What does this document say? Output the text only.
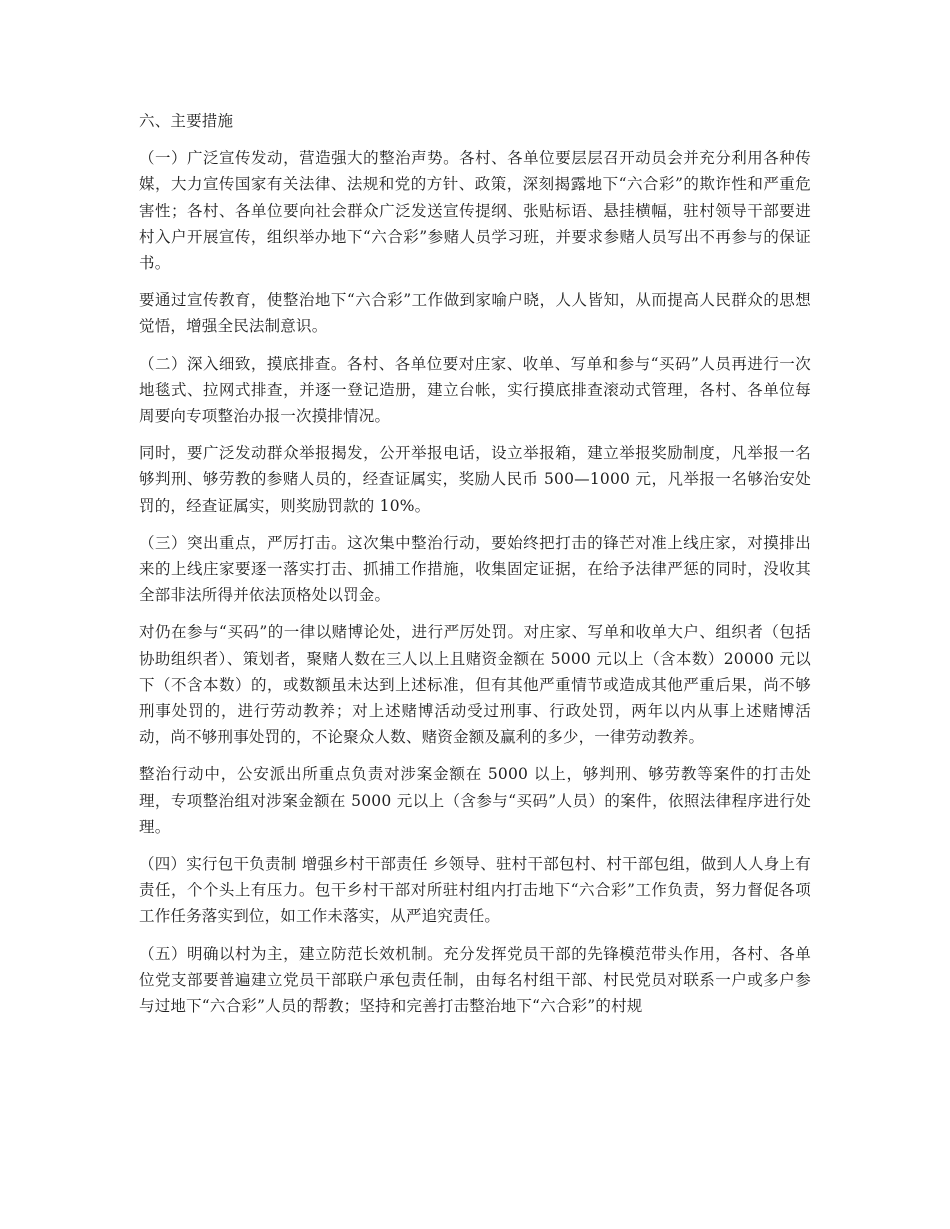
六、主要措施

（一）广泛宣传发动，营造强大的整治声势。各村、各单位要层层召开动员会并充分利用各种传媒，大力宣传国家有关法律、法规和党的方针、政策，深刻揭露地下“六合彩”的欺诈性和严重危害性；各村、各单位要向社会群众广泛发送宣传提纲、张贴标语、悬挂横幅，驻村领导干部要进村入户开展宣传，组织举办地下“六合彩”参赌人员学习班，并要求参赌人员写出不再参与的保证书。

要通过宣传教育，使整治地下“六合彩”工作做到家喻户晓，人人皆知，从而提高人民群众的思想觉悟，增强全民法制意识。

（二）深入细致，摸底排查。各村、各单位要对庄家、收单、写单和参与“买码”人员再进行一次地毯式、拉网式排查，并逐一登记造册，建立台帐，实行摸底排查滚动式管理，各村、各单位每周要向专项整治办报一次摸排情况。

同时，要广泛发动群众举报揭发，公开举报电话，设立举报箱，建立举报奖励制度，凡举报一名够判刑、够劳教的参赌人员的，经查证属实，奖励人民币 500—1000 元，凡举报一名够治安处罚的，经查证属实，则奖励罚款的 10%。

（三）突出重点，严厉打击。这次集中整治行动，要始终把打击的锋芒对准上线庄家，对摸排出来的上线庄家要逐一落实打击、抓捕工作措施，收集固定证据，在给予法律严惩的同时，没收其全部非法所得并依法顶格处以罚金。

对仍在参与“买码”的一律以赌博论处，进行严厉处罚。对庄家、写单和收单大户、组织者（包括协助组织者）、策划者，聚赌人数在三人以上且赌资金额在 5000 元以上（含本数）20000 元以下（不含本数）的，或数额虽未达到上述标准，但有其他严重情节或造成其他严重后果，尚不够刑事处罚的，进行劳动教养；对上述赌博活动受过刑事、行政处罚，两年以内从事上述赌博活动，尚不够刑事处罚的，不论聚众人数、赌资金额及赢利的多少，一律劳动教养。

整治行动中，公安派出所重点负责对涉案金额在 5000 以上，够判刑、够劳教等案件的打击处理，专项整治组对涉案金额在 5000 元以上（含参与“买码”人员）的案件，依照法律程序进行处理。

（四）实行包干负责制 增强乡村干部责任 乡领导、驻村干部包村、村干部包组，做到人人身上有责任，个个头上有压力。包干乡村干部对所驻村组内打击地下“六合彩”工作负责，努力督促各项工作任务落实到位，如工作未落实，从严追究责任。

（五）明确以村为主，建立防范长效机制。充分发挥党员干部的先锋模范带头作用，各村、各单位党支部要普遍建立党员干部联户承包责任制，由每名村组干部、村民党员对联系一户或多户参与过地下“六合彩”人员的帮教；坚持和完善打击整治地下“六合彩”的村规
